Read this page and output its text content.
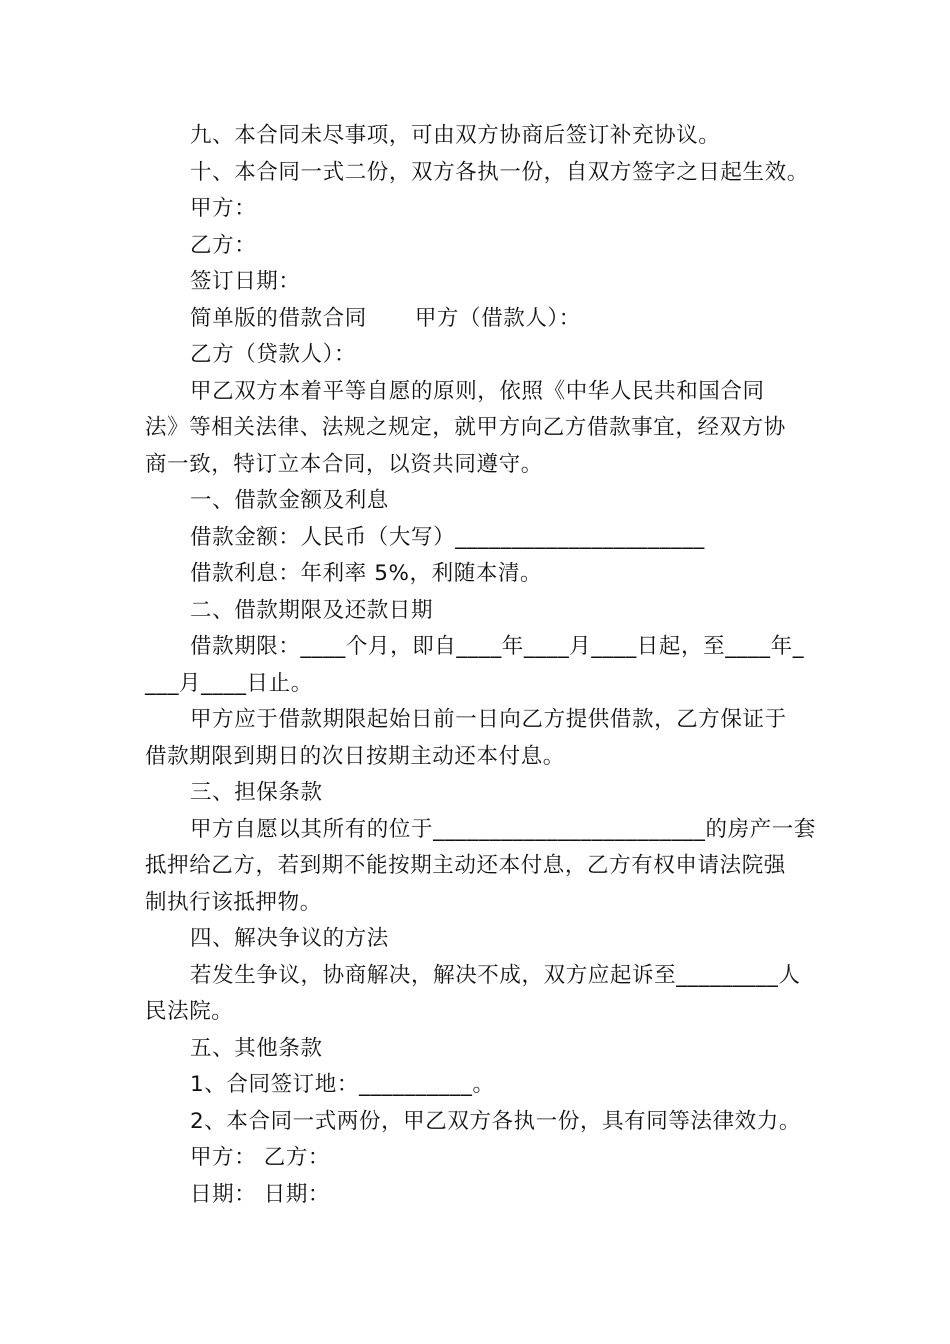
九、本合同未尽事项，可由双方协商后签订补充协议。

十、本合同一式二份，双方各执一份，自双方签字之日起生效。

甲方：

乙方：

签订日期：

简单版的借款合同 甲方（借款人）：

乙方（贷款人）：

甲乙双方本着平等自愿的原则，依照《中华人民共和国合同

法》等相关法律、法规之规定，就甲方向乙方借款事宜，经双方协

商一致，特订立本合同，以资共同遵守。

一、借款金额及利息

借款金额：人民币（大写）______________________

借款利息：年利率 5%，利随本清。

二、借款期限及还款日期

借款期限：____个月，即自____年____月____日起，至____年_

___月____日止。

甲方应于借款期限起始日前一日向乙方提供借款，乙方保证于

借款期限到期日的次日按期主动还本付息。

三、担保条款

甲方自愿以其所有的位于________________________的房产一套

抵押给乙方，若到期不能按期主动还本付息，乙方有权申请法院强

制执行该抵押物。

四、解决争议的方法

若发生争议，协商解决，解决不成，双方应起诉至_________人

民法院。

五、其他条款

1、合同签订地：__________。

2、本合同一式两份，甲乙双方各执一份，具有同等法律效力。

甲方： 乙方：

日期： 日期：
